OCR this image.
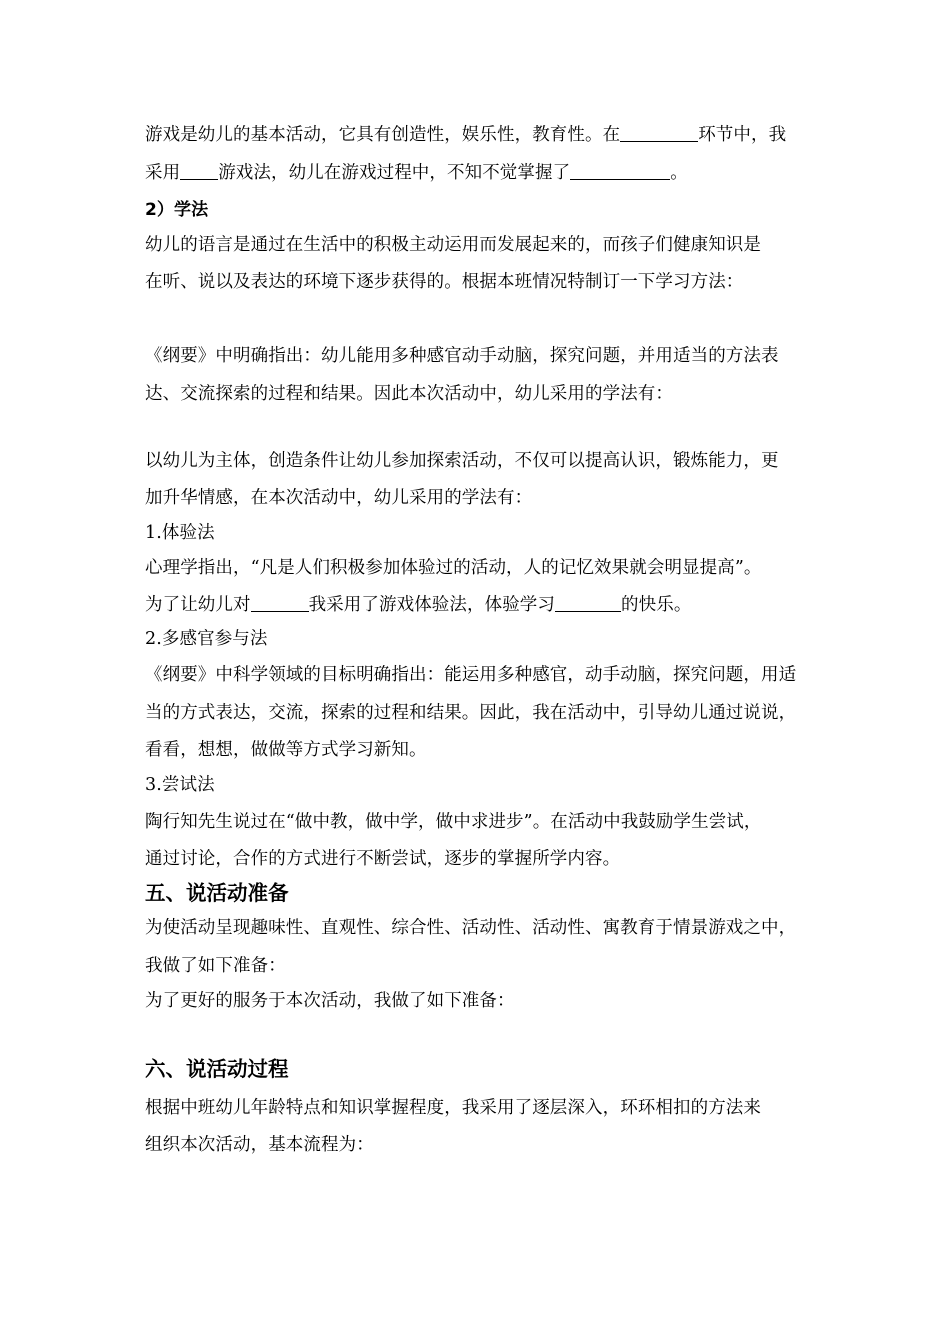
游戏是幼儿的基本活动，它具有创造性，娱乐性，教育性。在	环节中，我
采用 游戏法，幼儿在游戏过程中，不知不觉掌握了	。
2）学法
幼儿的语言是通过在生活中的积极主动运用而发展起来的，而孩子们健康知识是
在听、说以及表达的环境下逐步获得的。根据本班情况特制订一下学习方法：
《纲要》中明确指出：幼儿能用多种感官动手动脑，探究问题，并用适当的方法表
达、交流探索的过程和结果。因此本次活动中，幼儿采用的学法有：
以幼儿为主体，创造条件让幼儿参加探索活动，不仅可以提高认识，锻炼能力，更
加升华情感，在本次活动中，幼儿采用的学法有：
1.体验法
心理学指出，“凡是人们积极参加体验过的活动，人的记忆效果就会明显提高”。
为了让幼儿对	我采用了游戏体验法，体验学习	的快乐。
2.多感官参与法
《纲要》中科学领域的目标明确指出：能运用多种感官，动手动脑，探究问题，用适
当的方式表达，交流，探索的过程和结果。因此，我在活动中，引导幼儿通过说说，
看看，想想，做做等方式学习新知。
3.尝试法
陶行知先生说过在“做中教，做中学，做中求进步”。在活动中我鼓励学生尝试，
通过讨论，合作的方式进行不断尝试，逐步的掌握所学内容。
五、说活动准备
为使活动呈现趣味性、直观性、综合性、活动性、活动性、寓教育于情景游戏之中，
我做了如下准备：
为了更好的服务于本次活动，我做了如下准备：
六、说活动过程
根据中班幼儿年龄特点和知识掌握程度，我采用了逐层深入，环环相扣的方法来
组织本次活动，基本流程为：
